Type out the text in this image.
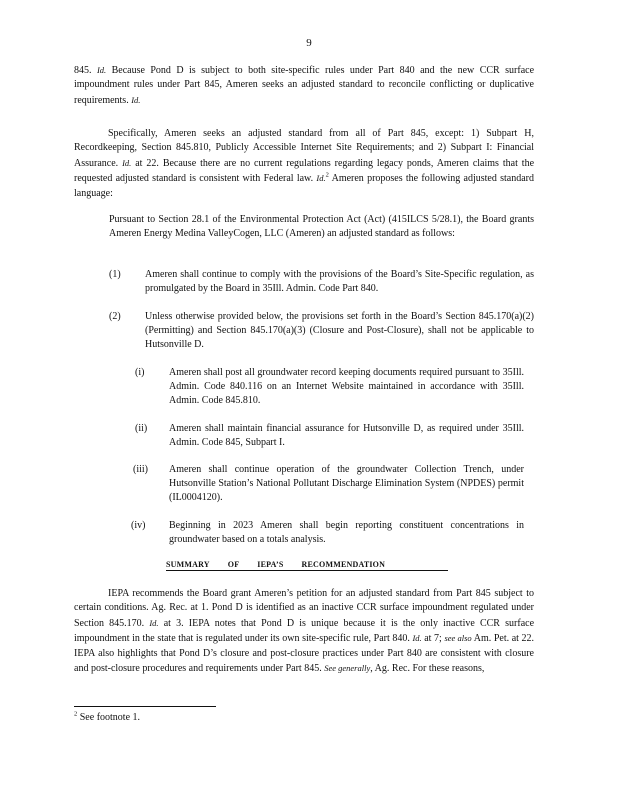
9

845. Id. Because Pond D is subject to both site-specific rules under Part 840 and the new CCR surface impoundment rules under Part 845, Ameren seeks an adjusted standard to reconcile conflicting or duplicative requirements. Id.

Specifically, Ameren seeks an adjusted standard from all of Part 845, except: 1) Subpart H, Recordkeeping, Section 845.810, Publicly Accessible Internet Site Requirements; and 2) Subpart I: Financial Assurance. Id. at 22. Because there are no current regulations regarding legacy ponds, Ameren claims that the requested adjusted standard is consistent with Federal law. Id.$^2$ Ameren proposes the following adjusted standard language:

Pursuant to Section 28.1 of the Environmental Protection Act (Act) (415ILCS 5/28.1), the Board grants Ameren Energy Medina ValleyCogen, LLC (Ameren) an adjusted standard as follows:

(1) Ameren shall continue to comply with the provisions of the Board’s Site-Specific regulation, as promulgated by the Board in 35Ill. Admin. Code Part 840.

(2) Unless otherwise provided below, the provisions set forth in the Board’s Section 845.170(a)(2) (Permitting) and Section 845.170(a)(3) (Closure and Post-Closure), shall not be applicable to Hutsonville D.

(i) Ameren shall post all groundwater record keeping documents required pursuant to 35Ill. Admin. Code 840.116 on an Internet Website maintained in accordance with 35Ill. Admin. Code 845.810.

(ii) Ameren shall maintain financial assurance for Hutsonville D, as required under 35Ill. Admin. Code 845, Subpart I.

(iii) Ameren shall continue operation of the groundwater Collection Trench, under Hutsonville Station’s National Pollutant Discharge Elimination System (NPDES) permit (IL0004120).

(iv) Beginning in 2023 Ameren shall begin reporting constituent concentrations in groundwater based on a totals analysis.

SUMMARY OF IEPA’S RECOMMENDATION

IEPA recommends the Board grant Ameren’s petition for an adjusted standard from Part 845 subject to certain conditions. Ag. Rec. at 1. Pond D is identified as an inactive CCR surface impoundment regulated under Section 845.170. Id. at 3. IEPA notes that Pond D is unique because it is the only inactive CCR surface impoundment in the state that is regulated under its own site-specific rule, Part 840. Id. at 7; see also Am. Pet. at 22. IEPA also highlights that Pond D’s closure and post-closure practices under Part 840 are consistent with closure and post-closure procedures and requirements under Part 845. See generally, Ag. Rec. For these reasons,

$^2$ See footnote 1.
